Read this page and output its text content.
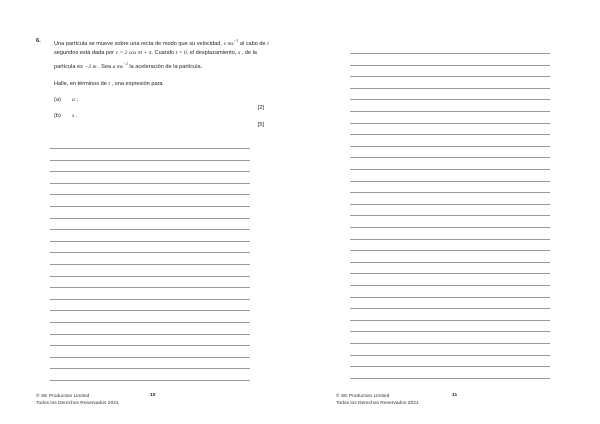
6. Una partícula se mueve sobre una recta de modo que su velocidad, v $ms^{-1}$ al cabo de t segundos está dada por v = 2 cos πt + π. Cuando t = 0, el desplazamiento, s , de la partícula es −3 m . Sea a $ms^{-2}$ la aceleración de la partícula.

Halle, en términos de t , una expresión para
(a) a ;
[2]
(b) s .
[5]

© SE Production Limited

Todos los Derechos Reservados 2021

10	© SE Production Limited

Todos los Derechos Reservados 2021

11
